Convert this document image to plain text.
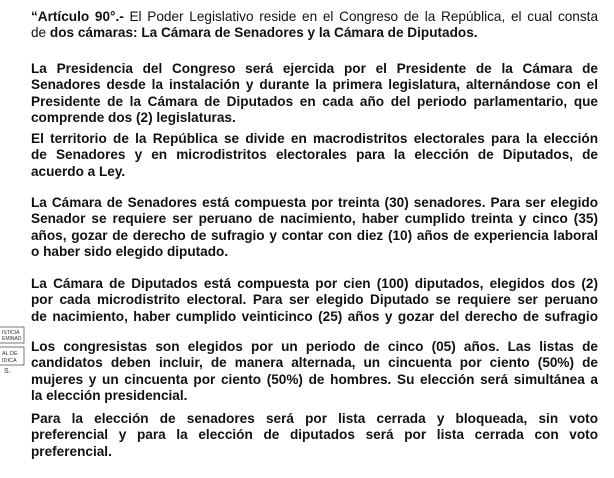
ISTICIA
EMINAD
AL DE
IDICA
S.

“Artículo 90°.- El Poder Legislativo reside en el Congreso de la República, el cual consta
de dos cámaras: La Cámara de Senadores y la Cámara de Diputados.

La Presidencia del Congreso será ejercida por el Presidente de la Cámara de
Senadores desde la instalación y durante la primera legislatura, alternándose con el
Presidente de la Cámara de Diputados en cada año del periodo parlamentario, que
comprende dos (2) legislaturas.

El territorio de la República se divide en macrodistritos electorales para la elección
de Senadores y en microdistritos electorales para la elección de Diputados, de
acuerdo a Ley.

La Cámara de Senadores está compuesta por treinta (30) senadores. Para ser elegido
Senador se requiere ser peruano de nacimiento, haber cumplido treinta y cinco (35)
años, gozar de derecho de sufragio y contar con diez (10) años de experiencia laboral
o haber sido elegido diputado.

La Cámara de Diputados está compuesta por cien (100) diputados, elegidos dos (2)
por cada microdistrito electoral. Para ser elegido Diputado se requiere ser peruano
de nacimiento, haber cumplido veinticinco (25) años y gozar del derecho de sufragio

Los congresistas son elegidos por un periodo de cinco (05) años. Las listas de
candidatos deben incluir, de manera alternada, un cincuenta por ciento (50%) de
mujeres y un cincuenta por ciento (50%) de hombres. Su elección será simultánea a
la elección presidencial.

Para la elección de senadores será por lista cerrada y bloqueada, sin voto
preferencial y para la elección de diputados será por lista cerrada con voto
preferencial.
